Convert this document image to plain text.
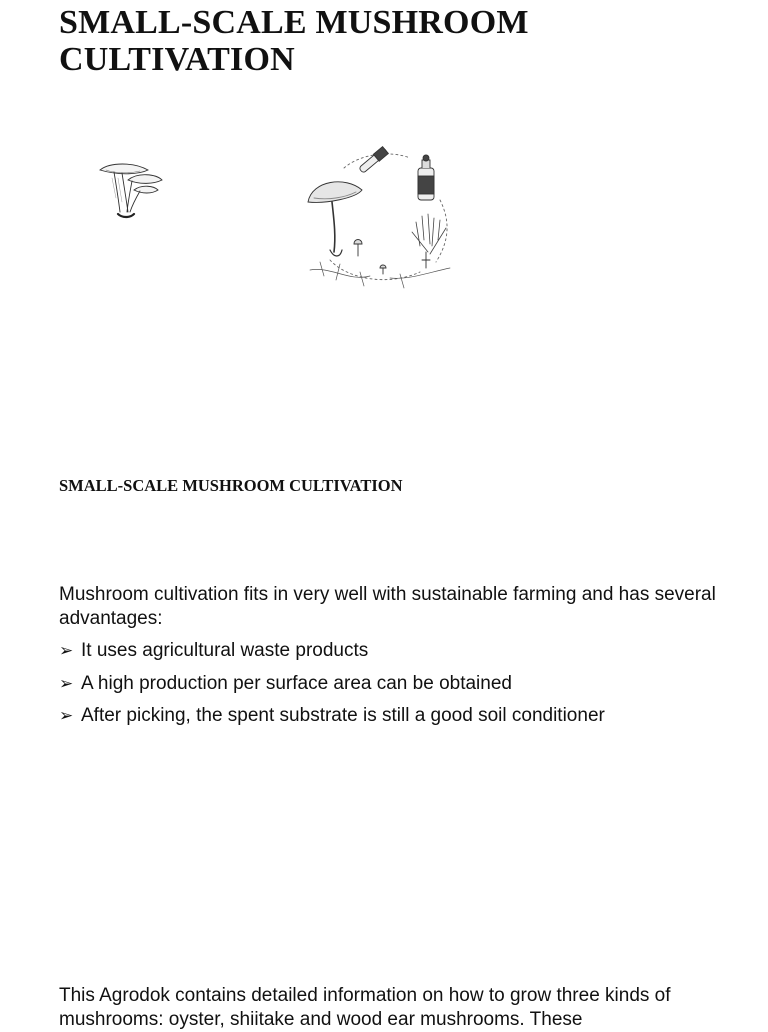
SMALL-SCALE MUSHROOM CULTIVATION
SMALL-SCALE MUSHROOM CULTIVATION

Mushroom cultivation fits in very well with sustainable farming and has several advantages:

➢ It uses agricultural waste products
➢ A high production per surface area can be obtained
➢ After picking, the spent substrate is still a good soil conditioner

This Agrodok contains detailed information on how to grow three kinds of mushrooms: oyster, shiitake and wood ear mushrooms. These
